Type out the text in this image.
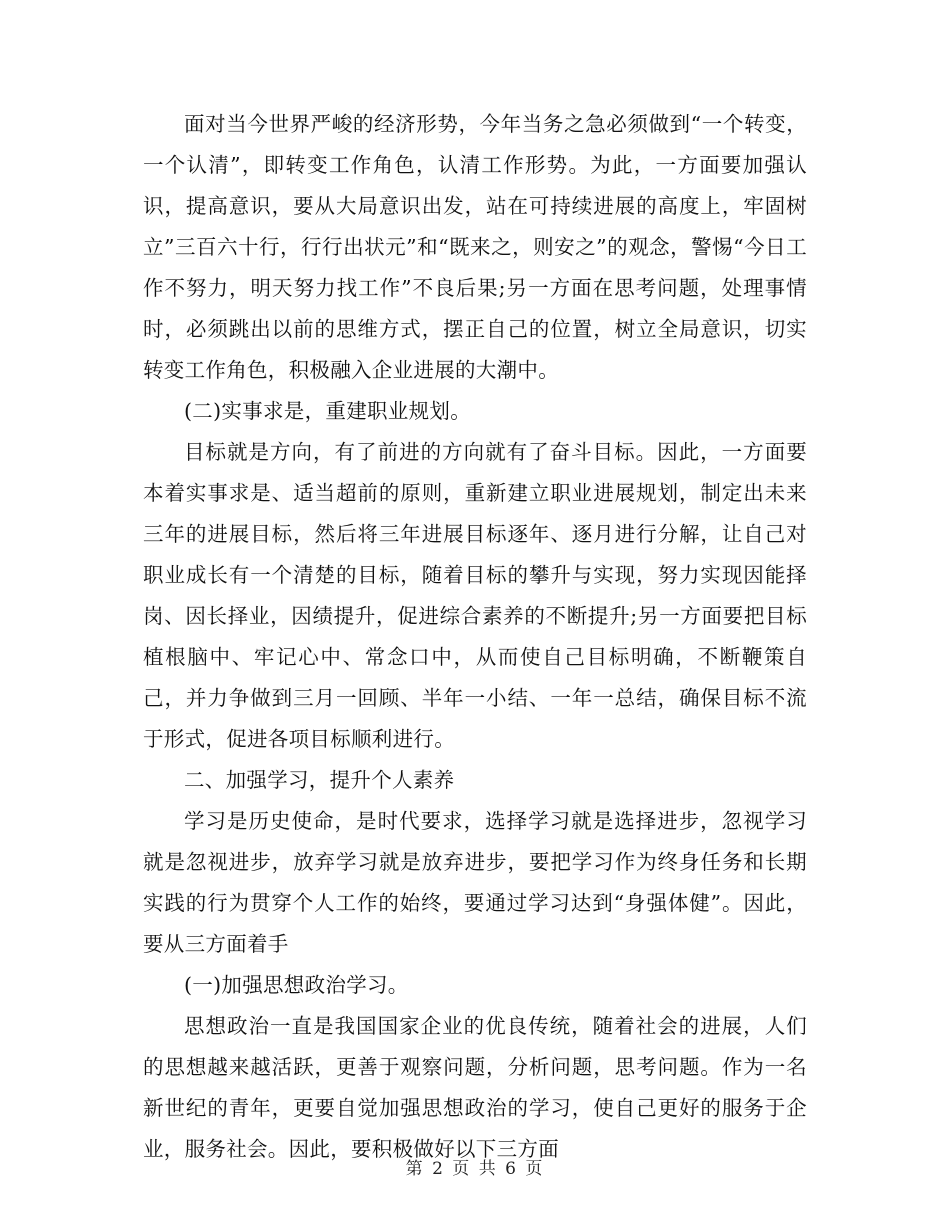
面对当今世界严峻的经济形势，今年当务之急必须做到“一个转变，一个认清”，即转变工作角色，认清工作形势。为此，一方面要加强认识，提高意识，要从大局意识出发，站在可持续进展的高度上，牢固树立”三百六十行，行行出状元”和“既来之，则安之”的观念，警惕“今日工作不努力，明天努力找工作”不良后果;另一方面在思考问题，处理事情时，必须跳出以前的思维方式，摆正自己的位置，树立全局意识，切实转变工作角色，积极融入企业进展的大潮中。

(二)实事求是，重建职业规划。

目标就是方向，有了前进的方向就有了奋斗目标。因此，一方面要本着实事求是、适当超前的原则，重新建立职业进展规划，制定出未来三年的进展目标，然后将三年进展目标逐年、逐月进行分解，让自己对职业成长有一个清楚的目标，随着目标的攀升与实现，努力实现因能择岗、因长择业，因绩提升，促进综合素养的不断提升;另一方面要把目标植根脑中、牢记心中、常念口中，从而使自己目标明确，不断鞭策自己，并力争做到三月一回顾、半年一小结、一年一总结，确保目标不流于形式，促进各项目标顺利进行。

二、加强学习，提升个人素养

学习是历史使命，是时代要求，选择学习就是选择进步，忽视学习就是忽视进步，放弃学习就是放弃进步，要把学习作为终身任务和长期实践的行为贯穿个人工作的始终，要通过学习达到“身强体健”。因此，要从三方面着手

(一)加强思想政治学习。

思想政治一直是我国国家企业的优良传统，随着社会的进展，人们的思想越来越活跃，更善于观察问题，分析问题，思考问题。作为一名新世纪的青年，更要自觉加强思想政治的学习，使自己更好的服务于企业，服务社会。因此，要积极做好以下三方面

第 2 页 共 6 页
